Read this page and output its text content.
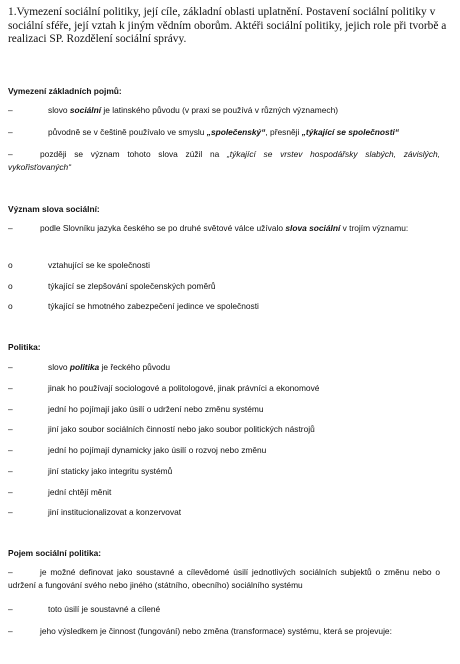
1.Vymezení sociální politiky, její cíle, základní oblasti uplatnění. Postavení sociální politiky v sociální sféře, její vztah k jiným vědním oborům. Aktéři sociální politiky, jejich role při tvorbě a realizaci SP. Rozdělení sociální správy.
Vymezení základních pojmů:
–	slovo sociální je latinského původu (v praxi se používá v různých významech)
–	původně se v češtině používalo ve smyslu „společenský“, přesněji „týkající se společnosti“
–	později se význam tohoto slova zúžil na „týkající se vrstev hospodářsky slabých, závislých, vykořisťovaných“
Význam slova sociální:
–	podle Slovníku jazyka českého se po druhé světové válce užívalo slova sociální v trojím významu:
o	vztahující se ke společnosti
o	týkající se zlepšování společenských poměrů
o	týkající se hmotného zabezpečení jedince ve společnosti
Politika:
–	slovo politika je řeckého původu
–	jinak ho používají sociologové a politologové, jinak právníci a ekonomové
–	jední ho pojímají jako úsilí o udržení nebo změnu systému
–	jiní jako soubor sociálních činností nebo jako soubor politických nástrojů
–	jední ho pojímají dynamicky jako úsilí o rozvoj nebo změnu
–	jiní staticky jako integritu systémů
–	jední chtějí měnit
–	jiní institucionalizovat a konzervovat
Pojem sociální politika:
–	je možné definovat jako soustavné a cílevědomé úsilí jednotlivých sociálních subjektů o změnu nebo o udržení a fungování svého nebo jiného (státního, obecního) sociálního systému
–	toto úsilí je soustavné a cílené
–	jeho výsledkem je činnost (fungování) nebo změna (transformace) systému, která se projevuje:
